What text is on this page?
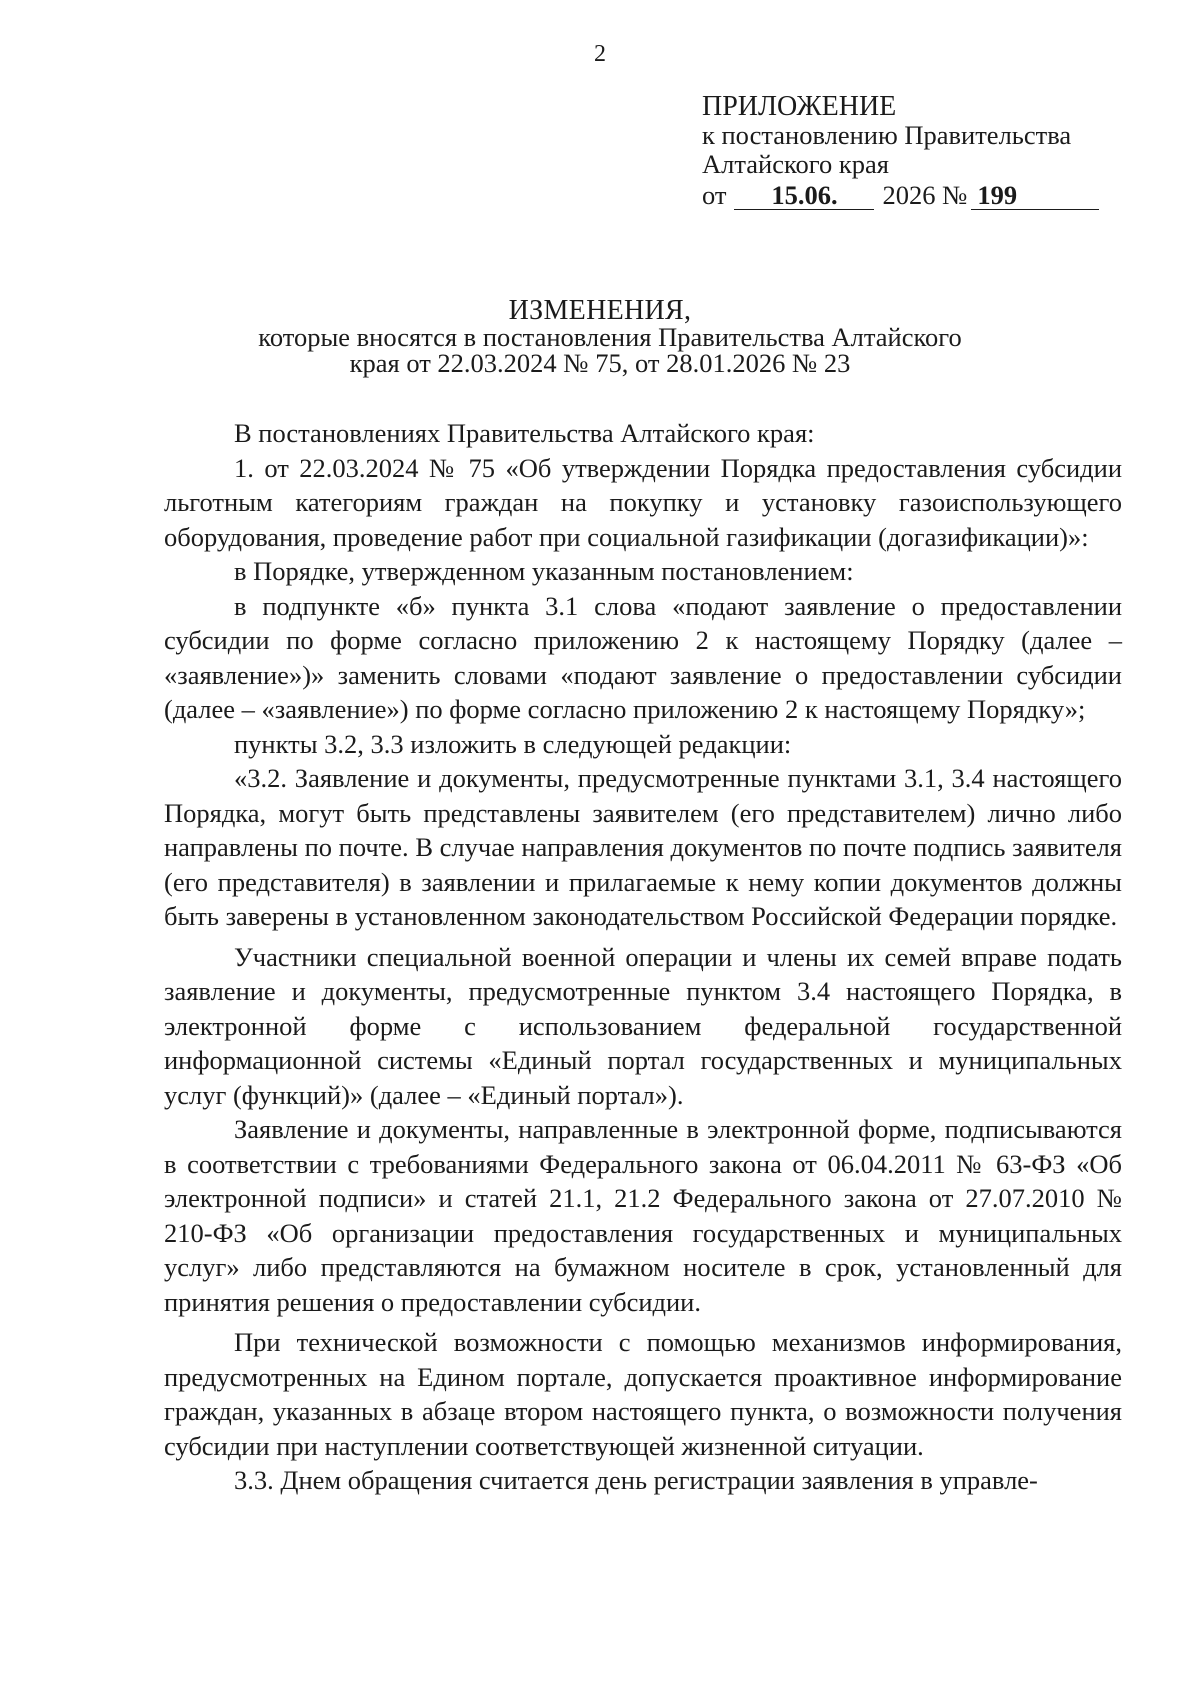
2
ПРИЛОЖЕНИЕ
к постановлению Правительства
Алтайского края
от 15.06. 2026 № 199
ИЗМЕНЕНИЯ,
которые вносятся в постановления Правительства Алтайского
края от 22.03.2024 № 75, от 28.01.2026 № 23

В постановлениях Правительства Алтайского края:

1. от 22.03.2024 № 75 «Об утверждении Порядка предоставления субсидии льготным категориям граждан на покупку и установку газоиспользующего оборудования, проведение работ при социальной газификации (догазификации)»:

в Порядке, утвержденном указанным постановлением:

в подпункте «б» пункта 3.1 слова «подают заявление о предоставлении субсидии по форме согласно приложению 2 к настоящему Порядку (далее – «заявление»)» заменить словами «подают заявление о предоставлении субсидии (далее – «заявление») по форме согласно приложению 2 к настоящему Порядку»;

пункты 3.2, 3.3 изложить в следующей редакции:

«3.2. Заявление и документы, предусмотренные пунктами 3.1, 3.4 настоящего Порядка, могут быть представлены заявителем (его представителем) лично либо направлены по почте. В случае направления документов по почте подпись заявителя (его представителя) в заявлении и прилагаемые к нему копии документов должны быть заверены в установленном законодательством Российской Федерации порядке.

Участники специальной военной операции и члены их семей вправе подать заявление и документы, предусмотренные пунктом 3.4 настоящего Порядка, в электронной форме с использованием федеральной государственной информационной системы «Единый портал государственных и муниципальных услуг (функций)» (далее – «Единый портал»).

Заявление и документы, направленные в электронной форме, подписываются в соответствии с требованиями Федерального закона от 06.04.2011 № 63-ФЗ «Об электронной подписи» и статей 21.1, 21.2 Федерального закона от 27.07.2010 № 210-ФЗ «Об организации предоставления государственных и муниципальных услуг» либо представляются на бумажном носителе в срок, установленный для принятия решения о предоставлении субсидии.

При технической возможности с помощью механизмов информирования, предусмотренных на Едином портале, допускается проактивное информирование граждан, указанных в абзаце втором настоящего пункта, о возможности получения субсидии при наступлении соответствующей жизненной ситуации.

3.3. Днем обращения считается день регистрации заявления в управле-
